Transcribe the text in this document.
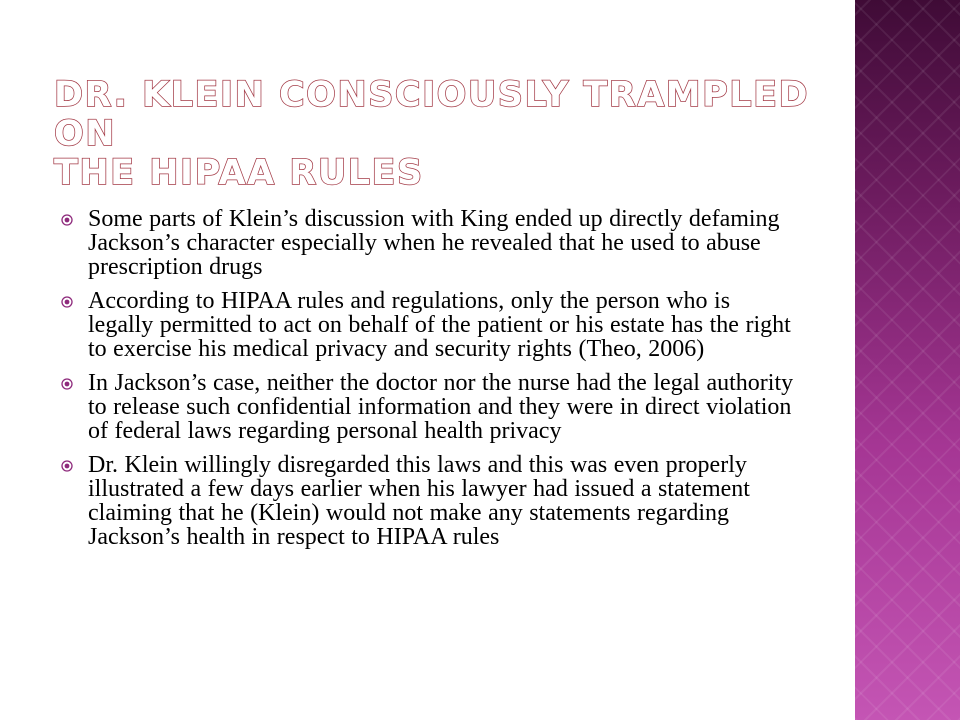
DR. KLEIN CONSCIOUSLY TRAMPLED ON
THE HIPAA RULES
Some parts of Klein’s discussion with King ended up directly defaming Jackson’s character especially when he revealed that he used to abuse prescription drugs
According to HIPAA rules and regulations, only the person who is legally permitted to act on behalf of the patient or his estate has the right to exercise his medical privacy and security rights (Theo, 2006)
In Jackson’s case, neither the doctor nor the nurse had the legal authority to release such confidential information and they were in direct violation of federal laws regarding personal health privacy
Dr. Klein willingly disregarded this laws and this was even properly illustrated a few days earlier when his lawyer had issued a statement claiming that he (Klein) would not make any statements regarding Jackson’s health in respect to HIPAA rules
